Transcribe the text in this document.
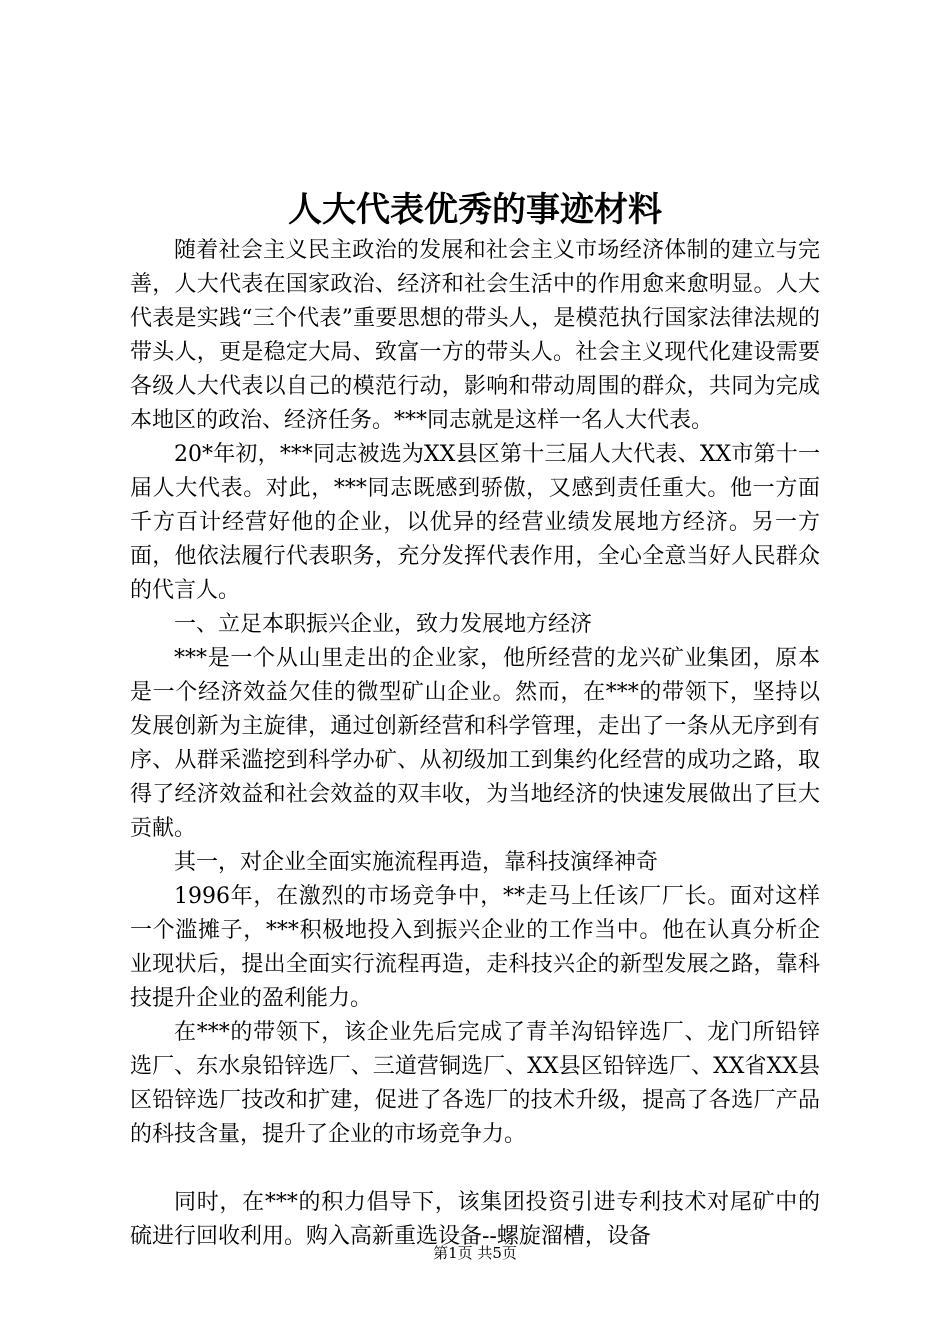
人大代表优秀的事迹材料

随着社会主义民主政治的发展和社会主义市场经济体制的建立与完善，人大代表在国家政治、经济和社会生活中的作用愈来愈明显。人大代表是实践“三个代表”重要思想的带头人，是模范执行国家法律法规的带头人，更是稳定大局、致富一方的带头人。社会主义现代化建设需要各级人大代表以自己的模范行动，影响和带动周围的群众，共同为完成本地区的政治、经济任务。***同志就是这样一名人大代表。

20*年初，***同志被选为XX县区第十三届人大代表、XX市第十一届人大代表。对此，***同志既感到骄傲，又感到责任重大。他一方面千方百计经营好他的企业，以优异的经营业绩发展地方经济。另一方面，他依法履行代表职务，充分发挥代表作用，全心全意当好人民群众的代言人。

一、立足本职振兴企业，致力发展地方经济

***是一个从山里走出的企业家，他所经营的龙兴矿业集团，原本是一个经济效益欠佳的微型矿山企业。然而，在***的带领下，坚持以发展创新为主旋律，通过创新经营和科学管理，走出了一条从无序到有序、从群采滥挖到科学办矿、从初级加工到集约化经营的成功之路，取得了经济效益和社会效益的双丰收，为当地经济的快速发展做出了巨大贡献。

其一，对企业全面实施流程再造，靠科技演绎神奇

1996年，在激烈的市场竞争中，**走马上任该厂厂长。面对这样一个滥摊子，***积极地投入到振兴企业的工作当中。他在认真分析企业现状后，提出全面实行流程再造，走科技兴企的新型发展之路，靠科技提升企业的盈利能力。

在***的带领下，该企业先后完成了青羊沟铅锌选厂、龙门所铅锌选厂、东水泉铅锌选厂、三道营铜选厂、XX县区铅锌选厂、XX省XX县区铅锌选厂技改和扩建，促进了各选厂的技术升级，提高了各选厂产品的科技含量，提升了企业的市场竞争力。

同时，在***的积力倡导下，该集团投资引进专利技术对尾矿中的硫进行回收利用。购入高新重选设备--螺旋溜槽，设备

第1页 共5页
